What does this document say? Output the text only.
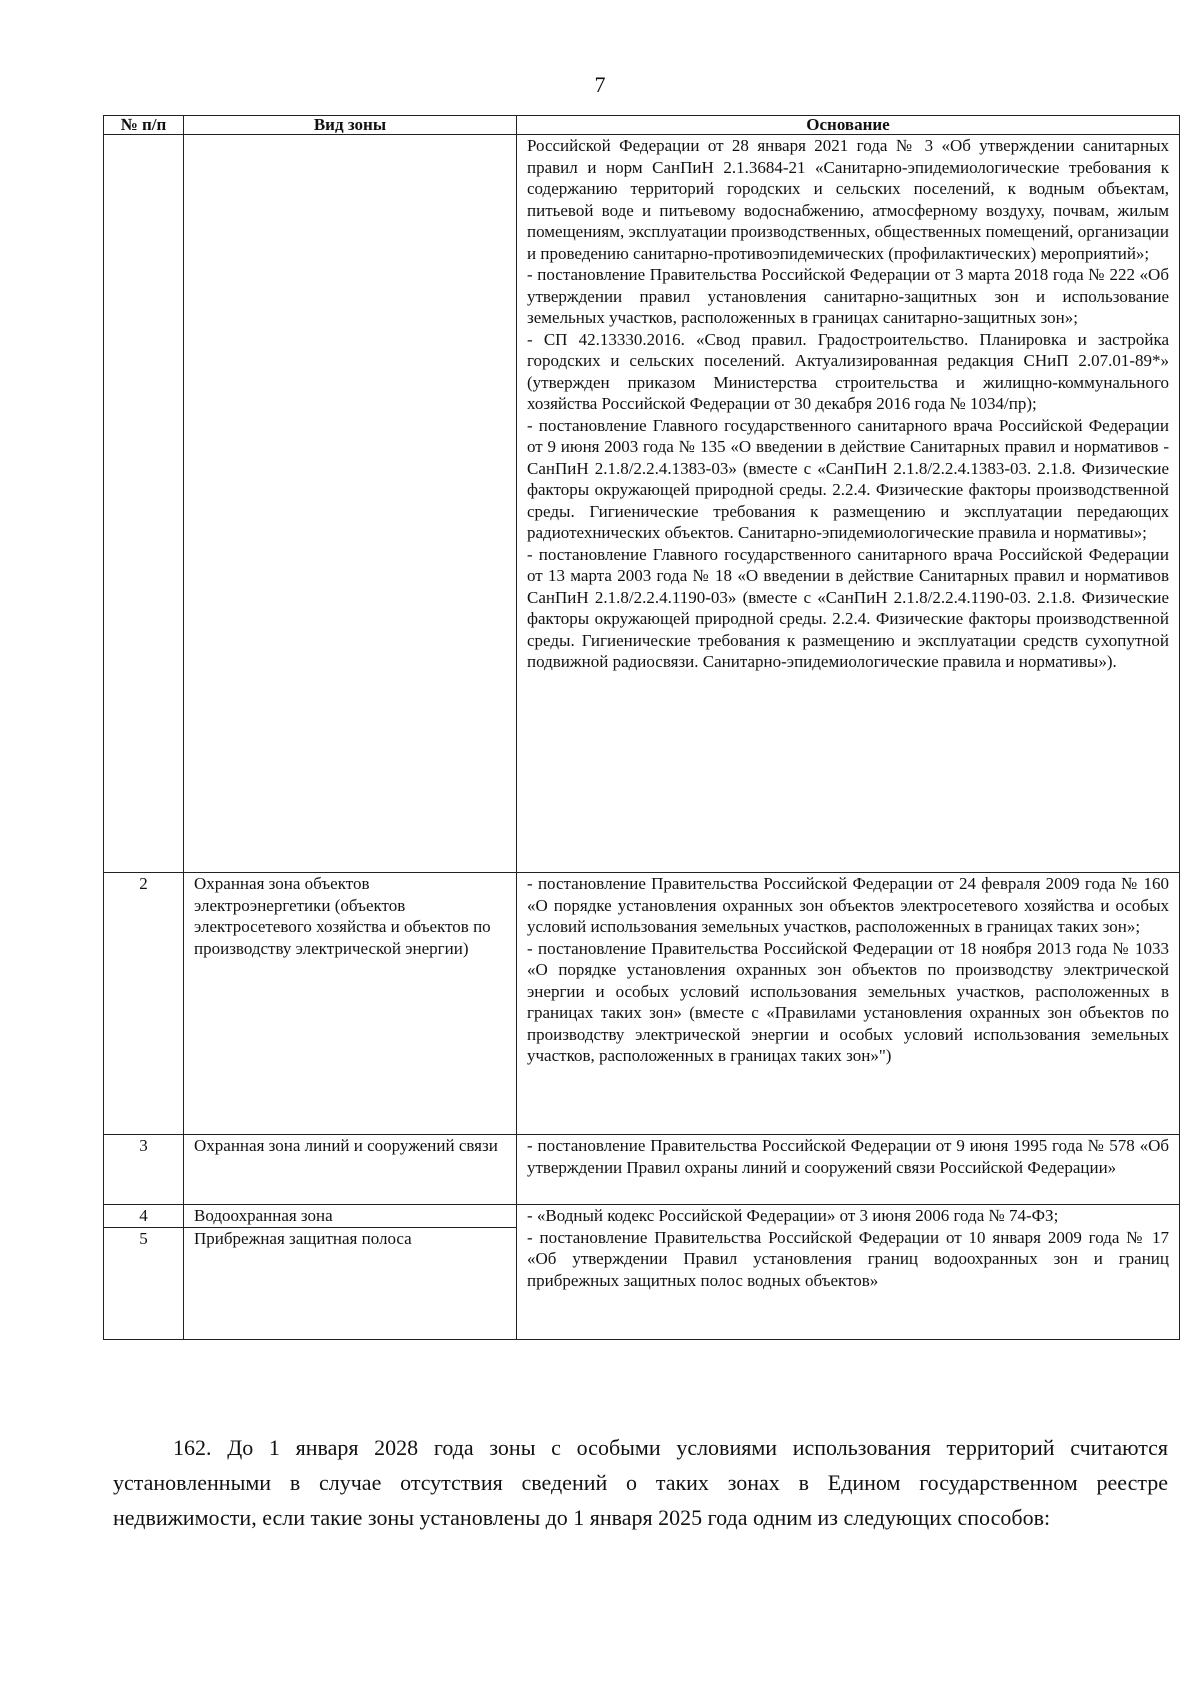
7
№ п/п	Вид зоны	Основание

		Российской Федерации от 28 января 2021 года № 3 «Об утверждении санитарных правил и норм СанПиН 2.1.3684-21 «Санитарно-эпидемиологические требования к содержанию территорий городских и сельских поселений, к водным объектам, питьевой воде и питьевому водоснабжению, атмосферному воздуху, почвам, жилым помещениям, эксплуатации производственных, общественных помещений, организации и проведению санитарно-противоэпидемических (профилактических) мероприятий»;
- постановление Правительства Российской Федерации от 3 марта 2018 года № 222 «Об утверждении правил установления санитарно-защитных зон и использование земельных участков, расположенных в границах санитарно-защитных зон»;
- СП 42.13330.2016. «Свод правил. Градостроительство. Планировка и застройка городских и сельских поселений. Актуализированная редакция СНиП 2.07.01-89*» (утвержден приказом Министерства строительства и жилищно-коммунального хозяйства Российской Федерации от 30 декабря 2016 года № 1034/пр);
- постановление Главного государственного санитарного врача Российской Федерации от 9 июня 2003 года № 135 «О введении в действие Санитарных правил и нормативов - СанПиН 2.1.8/2.2.4.1383-03» (вместе с «СанПиН 2.1.8/2.2.4.1383-03. 2.1.8. Физические факторы окружающей природной среды. 2.2.4. Физические факторы производственной среды. Гигиенические требования к размещению и эксплуатации передающих радиотехнических объектов. Санитарно-эпидемиологические правила и нормативы»;
- постановление Главного государственного санитарного врача Российской Федерации от 13 марта 2003 года № 18 «О введении в действие Санитарных правил и нормативов СанПиН 2.1.8/2.2.4.1190-03» (вместе с «СанПиН 2.1.8/2.2.4.1190-03. 2.1.8. Физические факторы окружающей природной среды. 2.2.4. Физические факторы производственной среды. Гигиенические требования к размещению и эксплуатации средств сухопутной подвижной радиосвязи. Санитарно-эпидемиологические правила и нормативы»).

2	Охранная зона объектов электроэнергетики (объектов электросетевого хозяйства и объектов по производству электрической энергии)	- постановление Правительства Российской Федерации от 24 февраля 2009 года № 160 «О порядке установления охранных зон объектов электросетевого хозяйства и особых условий использования земельных участков, расположенных в границах таких зон»;
- постановление Правительства Российской Федерации от 18 ноября 2013 года № 1033 «О порядке установления охранных зон объектов по производству электрической энергии и особых условий использования земельных участков, расположенных в границах таких зон» (вместе с «Правилами установления охранных зон объектов по производству электрической энергии и особых условий использования земельных участков, расположенных в границах таких зон»")

3	Охранная зона линий и сооружений связи	- постановление Правительства Российской Федерации от 9 июня 1995 года № 578 «Об утверждении Правил охраны линий и сооружений связи Российской Федерации»

4	Водоохранная зона	- «Водный кодекс Российской Федерации» от 3 июня 2006 года № 74-ФЗ;
- постановление Правительства Российской Федерации от 10 января 2009 года № 17 «Об утверждении Правил установления границ водоохранных зон и границ прибрежных защитных полос водных объектов»

5	Прибрежная защитная полоса	
162. До 1 января 2028 года зоны с особыми условиями использования территорий считаются установленными в случае отсутствия сведений о таких зонах в Едином государственном реестре недвижимости, если такие зоны установлены до 1 января 2025 года одним из следующих способов:
